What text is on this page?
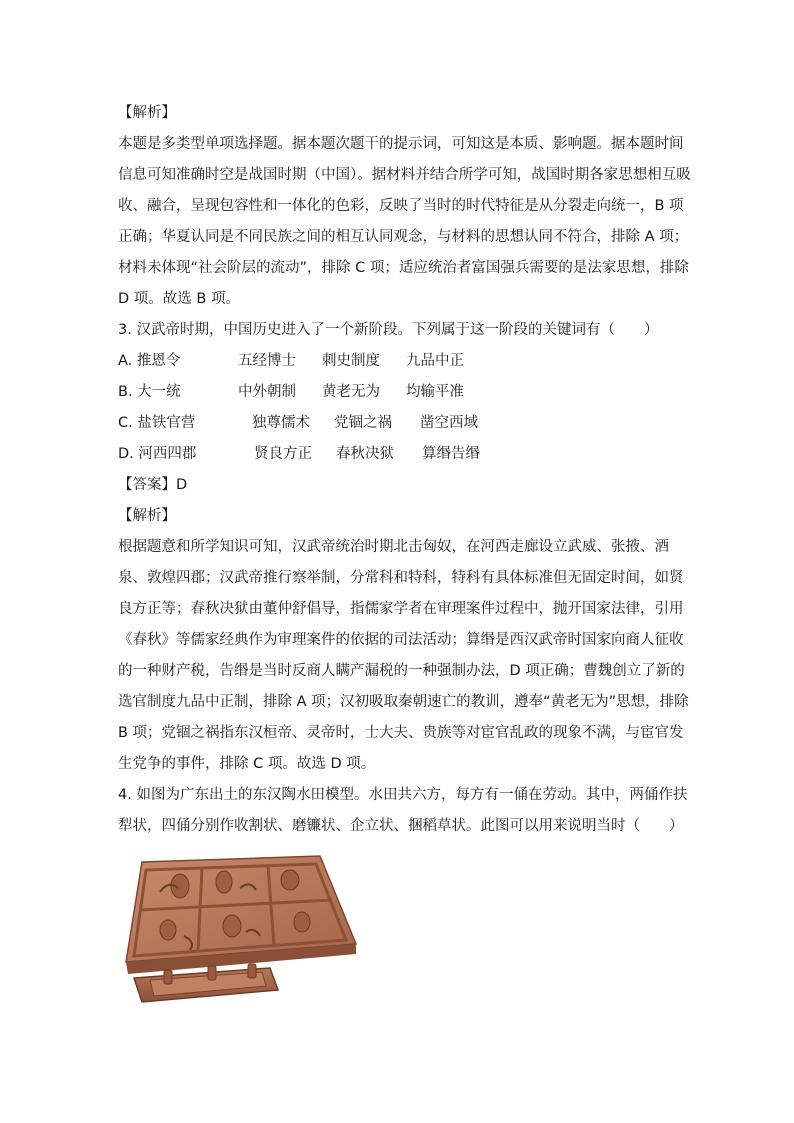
【解析】
本题是多类型单项选择题。据本题次题干的提示词，可知这是本质、影响题。据本题时间
信息可知准确时空是战国时期（中国）。据材料并结合所学可知，战国时期各家思想相互吸
收、融合，呈现包容性和一体化的色彩，反映了当时的时代特征是从分裂走向统一，B 项
正确；华夏认同是不同民族之间的相互认同观念，与材料的思想认同不符合，排除 A 项；
材料未体现“社会阶层的流动”，排除 C 项；适应统治者富国强兵需要的是法家思想，排除
D 项。故选 B 项。
3. 汉武帝时期，中国历史进入了一个新阶段。下列属于这一阶段的关键词有（　　）
A. 推恩令	五经博士	刺史制度	九品中正
B. 大一统	中外朝制	黄老无为	均输平准
C. 盐铁官营	独尊儒术	党锢之祸	凿空西域
D. 河西四郡	贤良方正	春秋决狱	算缗告缗
【答案】D
【解析】
根据题意和所学知识可知，汉武帝统治时期北击匈奴，在河西走廊设立武威、张掖、酒
泉、敦煌四郡；汉武帝推行察举制，分常科和特科，特科有具体标准但无固定时间，如贤
良方正等；春秋决狱由董仲舒倡导，指儒家学者在审理案件过程中，抛开国家法律，引用
《春秋》等儒家经典作为审理案件的依据的司法活动；算缗是西汉武帝时国家向商人征收
的一种财产税，告缗是当时反商人瞒产漏税的一种强制办法，D 项正确；曹魏创立了新的
选官制度九品中正制，排除 A 项；汉初吸取秦朝速亡的教训，遵奉“黄老无为”思想，排除
B 项；党锢之祸指东汉桓帝、灵帝时，士大夫、贵族等对宦官乱政的现象不满，与宦官发
生党争的事件，排除 C 项。故选 D 项。
4. 如图为广东出土的东汉陶水田模型。水田共六方，每方有一俑在劳动。其中，两俑作扶
犁状，四俑分别作收割状、磨镰状、企立状、捆稻草状。此图可以用来说明当时（　　）
